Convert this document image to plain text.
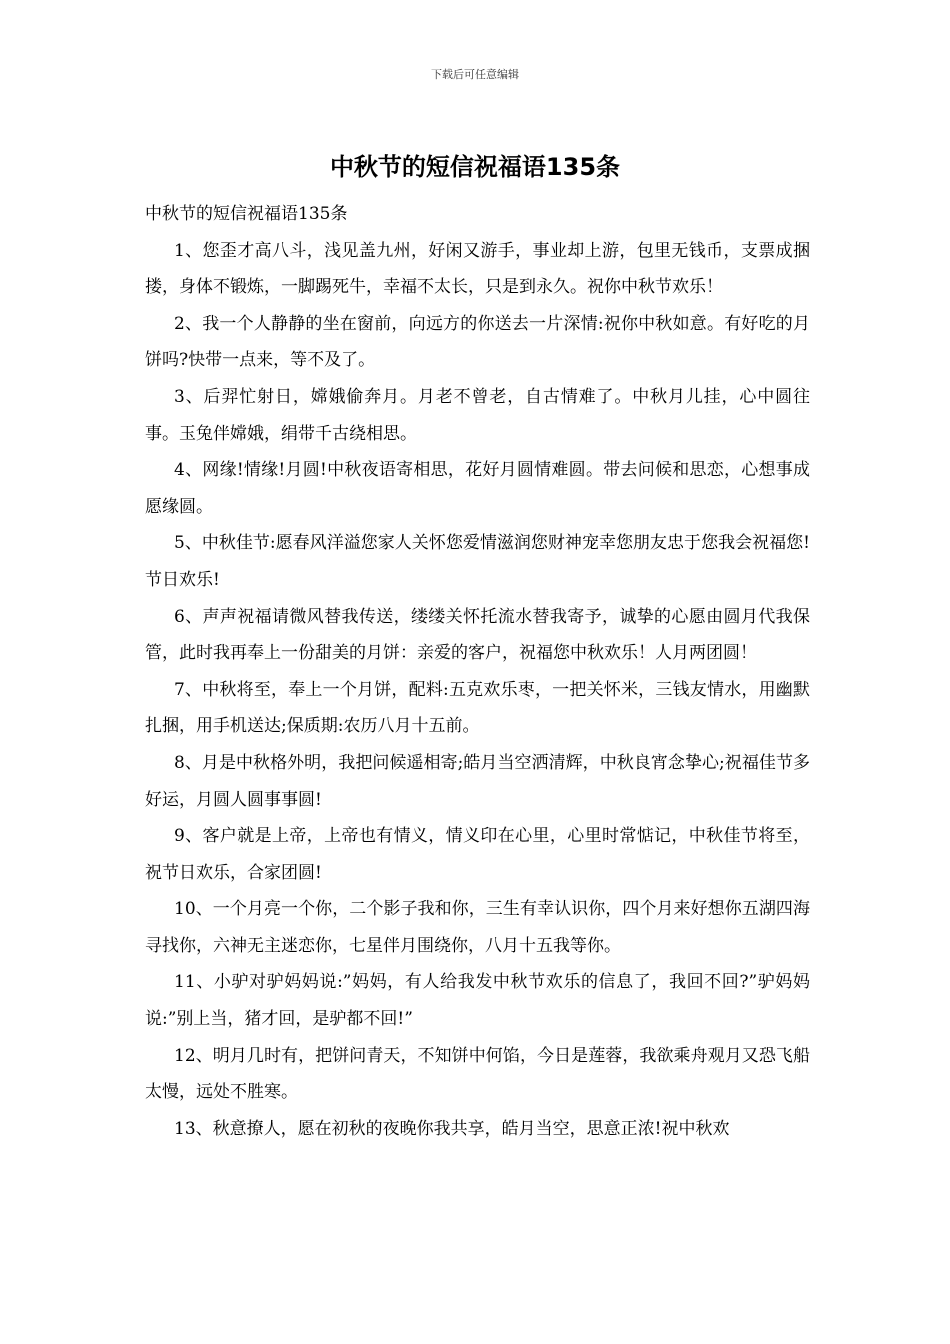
下载后可任意编辑
中秋节的短信祝福语135条

中秋节的短信祝福语135条

1、您歪才高八斗，浅见盖九州，好闲又游手，事业却上游，包里无钱币，支票成捆搂，身体不锻炼，一脚踢死牛，幸福不太长，只是到永久。祝你中秋节欢乐！

2、我一个人静静的坐在窗前，向远方的你送去一片深情:祝你中秋如意。有好吃的月饼吗?快带一点来，等不及了。

3、后羿忙射日，嫦娥偷奔月。月老不曾老，自古情难了。中秋月儿挂，心中圆往事。玉兔伴嫦娥，绢带千古绕相思。

4、网缘!情缘!月圆!中秋夜语寄相思，花好月圆情难圆。带去问候和思恋，心想事成愿缘圆。

5、中秋佳节:愿春风洋溢您家人关怀您爱情滋润您财神宠幸您朋友忠于您我会祝福您!节日欢乐!

6、声声祝福请微风替我传送，缕缕关怀托流水替我寄予，诚挚的心愿由圆月代我保管，此时我再奉上一份甜美的月饼：亲爱的客户，祝福您中秋欢乐！人月两团圆！

7、中秋将至，奉上一个月饼，配料:五克欢乐枣，一把关怀米，三钱友情水，用幽默扎捆，用手机送达;保质期:农历八月十五前。

8、月是中秋格外明，我把问候遥相寄;皓月当空洒清辉，中秋良宵念挚心;祝福佳节多好运，月圆人圆事事圆!

9、客户就是上帝，上帝也有情义，情义印在心里，心里时常惦记，中秋佳节将至，祝节日欢乐，合家团圆!

10、一个月亮一个你，二个影子我和你，三生有幸认识你，四个月来好想你五湖四海寻找你，六神无主迷恋你，七星伴月围绕你，八月十五我等你。

11、小驴对驴妈妈说:”妈妈，有人给我发中秋节欢乐的信息了，我回不回?”驴妈妈说:”别上当，猪才回，是驴都不回!”

12、明月几时有，把饼问青天，不知饼中何馅，今日是莲蓉，我欲乘舟观月又恐飞船太慢，远处不胜寒。

13、秋意撩人，愿在初秋的夜晚你我共享，皓月当空，思意正浓!祝中秋欢
